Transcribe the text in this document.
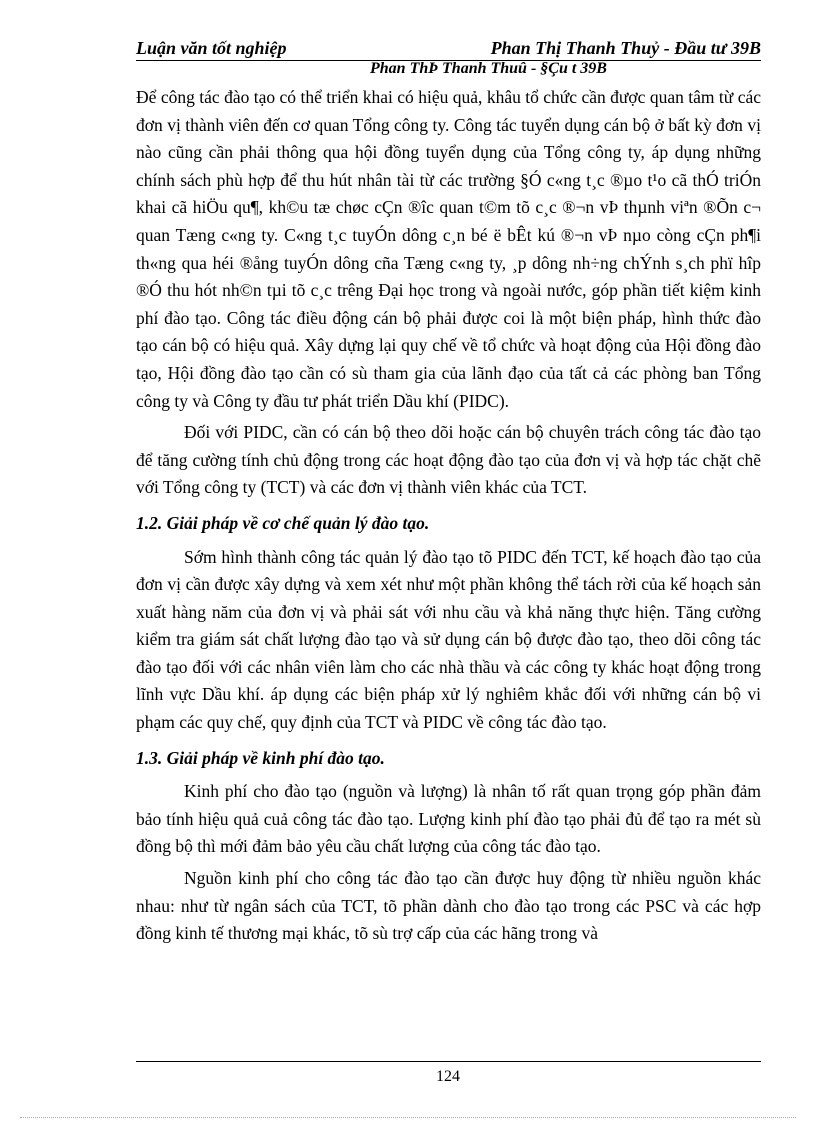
Luận văn tốt nghiệp	Phan Thị Thanh Thuỷ - Đầu tư 39B
Phan ThÞ Thanh Thuû - §Çu t 39B

Để công tác đào tạo có thể triển khai có hiệu quả, khâu tổ chức cần được quan tâm từ các đơn vị thành viên đến cơ quan Tổng công ty. Công tác tuyển dụng cán bộ ở bất kỳ đơn vị nào cũng cần phải thông qua hội đồng tuyển dụng của Tổng công ty, áp dụng những chính sách phù hợp để thu hút nhân tài từ các trường §Ó c«ng t¸c ®µo t¹o cã thÓ triÓn khai cã hiÖu qu¶, kh©u tæ chøc cÇn ®îc quan t©m tõ c¸c ®¬n vÞ thµnh viªn ®Õn c¬ quan Tæng c«ng ty. C«ng t¸c tuyÓn dông c¸n bé ë bÊt kú ®¬n vÞ nµo còng cÇn ph¶i th«ng qua héi ®ång tuyÓn dông cña Tæng c«ng ty, ¸p dông nh÷ng chÝnh s¸ch phï hîp ®Ó thu hót nh©n tµi tõ c¸c trêng Đại học trong và ngoài nước, góp phần tiết kiệm kinh phí đào tạo. Công tác điều động cán bộ phải được coi là một biện pháp, hình thức đào tạo cán bộ có hiệu quả. Xây dựng lại quy chế về tổ chức và hoạt động của Hội đồng đào tạo, Hội đồng đào tạo cần có sù tham gia của lãnh đạo của tất cả các phòng ban Tổng công ty và Công ty đầu tư phát triển Dầu khí (PIDC).

Đối với PIDC, cần có cán bộ theo dõi hoặc cán bộ chuyên trách công tác đào tạo để tăng cường tính chủ động trong các hoạt động đào tạo của đơn vị và hợp tác chặt chẽ với Tổng công ty (TCT) và các đơn vị thành viên khác của TCT.

1.2. Giải pháp về cơ chế quản lý đào tạo.

Sớm hình thành công tác quản lý đào tạo tõ PIDC đến TCT, kế hoạch đào tạo của đơn vị cần được xây dựng và xem xét như một phần không thể tách rời của kế hoạch sản xuất hàng năm của đơn vị và phải sát với nhu cầu và khả năng thực hiện. Tăng cường kiểm tra giám sát chất lượng đào tạo và sử dụng cán bộ được đào tạo, theo dõi công tác đào tạo đối với các nhân viên làm cho các nhà thầu và các công ty khác hoạt động trong lĩnh vực Dầu khí. áp dụng các biện pháp xử lý nghiêm khắc đối với những cán bộ vi phạm các quy chế, quy định của TCT và PIDC về công tác đào tạo.

1.3. Giải pháp về kinh phí đào tạo.

Kinh phí cho đào tạo (nguồn và lượng) là nhân tố rất quan trọng góp phần đảm bảo tính hiệu quả cuả công tác đào tạo. Lượng kinh phí đào tạo phải đủ để tạo ra mét sù đồng bộ thì mới đảm bảo yêu cầu chất lượng của công tác đào tạo.

Nguồn kinh phí cho công tác đào tạo cần được huy động từ nhiều nguồn khác nhau: như từ ngân sách của TCT, tõ phần dành cho đào tạo trong các PSC và các hợp đồng kinh tế thương mại khác, tõ sù trợ cấp của các hãng trong và

124
